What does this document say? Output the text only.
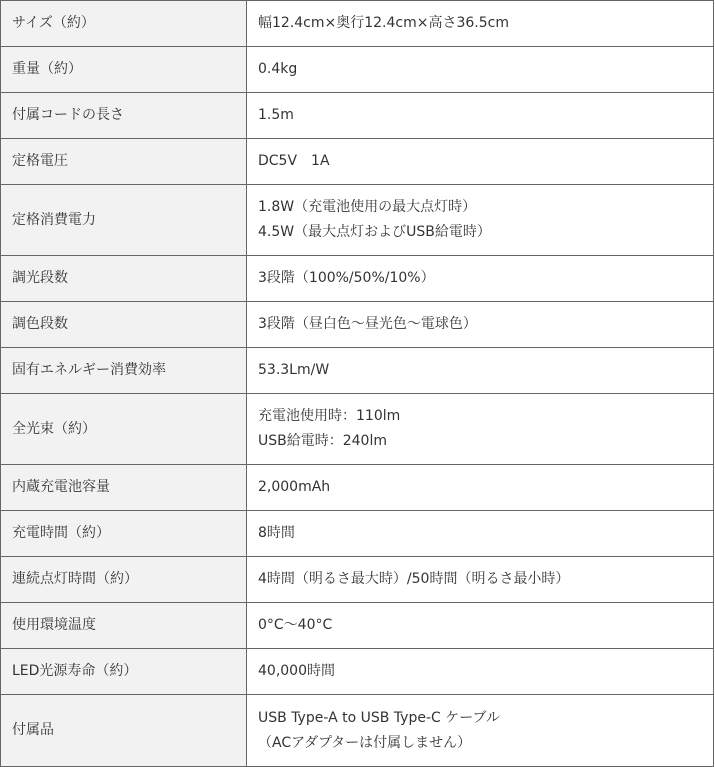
サイズ（約）	幅12.4cm×奥行12.4cm×高さ36.5cm

重量（約）	0.4kg

付属コードの長さ	1.5m

定格電圧	DC5V　1A

定格消費電力	1.8W（充電池使用の最大点灯時）
4.5W（最大点灯およびUSB給電時）

調光段数	3段階（100%/50%/10%）

調色段数	3段階（昼白色〜昼光色〜電球色）

固有エネルギー消費効率	53.3Lm/W

全光束（約）	充電池使用時：110lm
USB給電時：240lm

内蔵充電池容量	2,000mAh

充電時間（約）	8時間

連続点灯時間（約）	4時間（明るさ最大時）/50時間（明るさ最小時）

使用環境温度	0°C〜40°C

LED光源寿命（約）	40,000時間

付属品	USB Type-A to USB Type-C ケーブル
（ACアダプターは付属しません）
